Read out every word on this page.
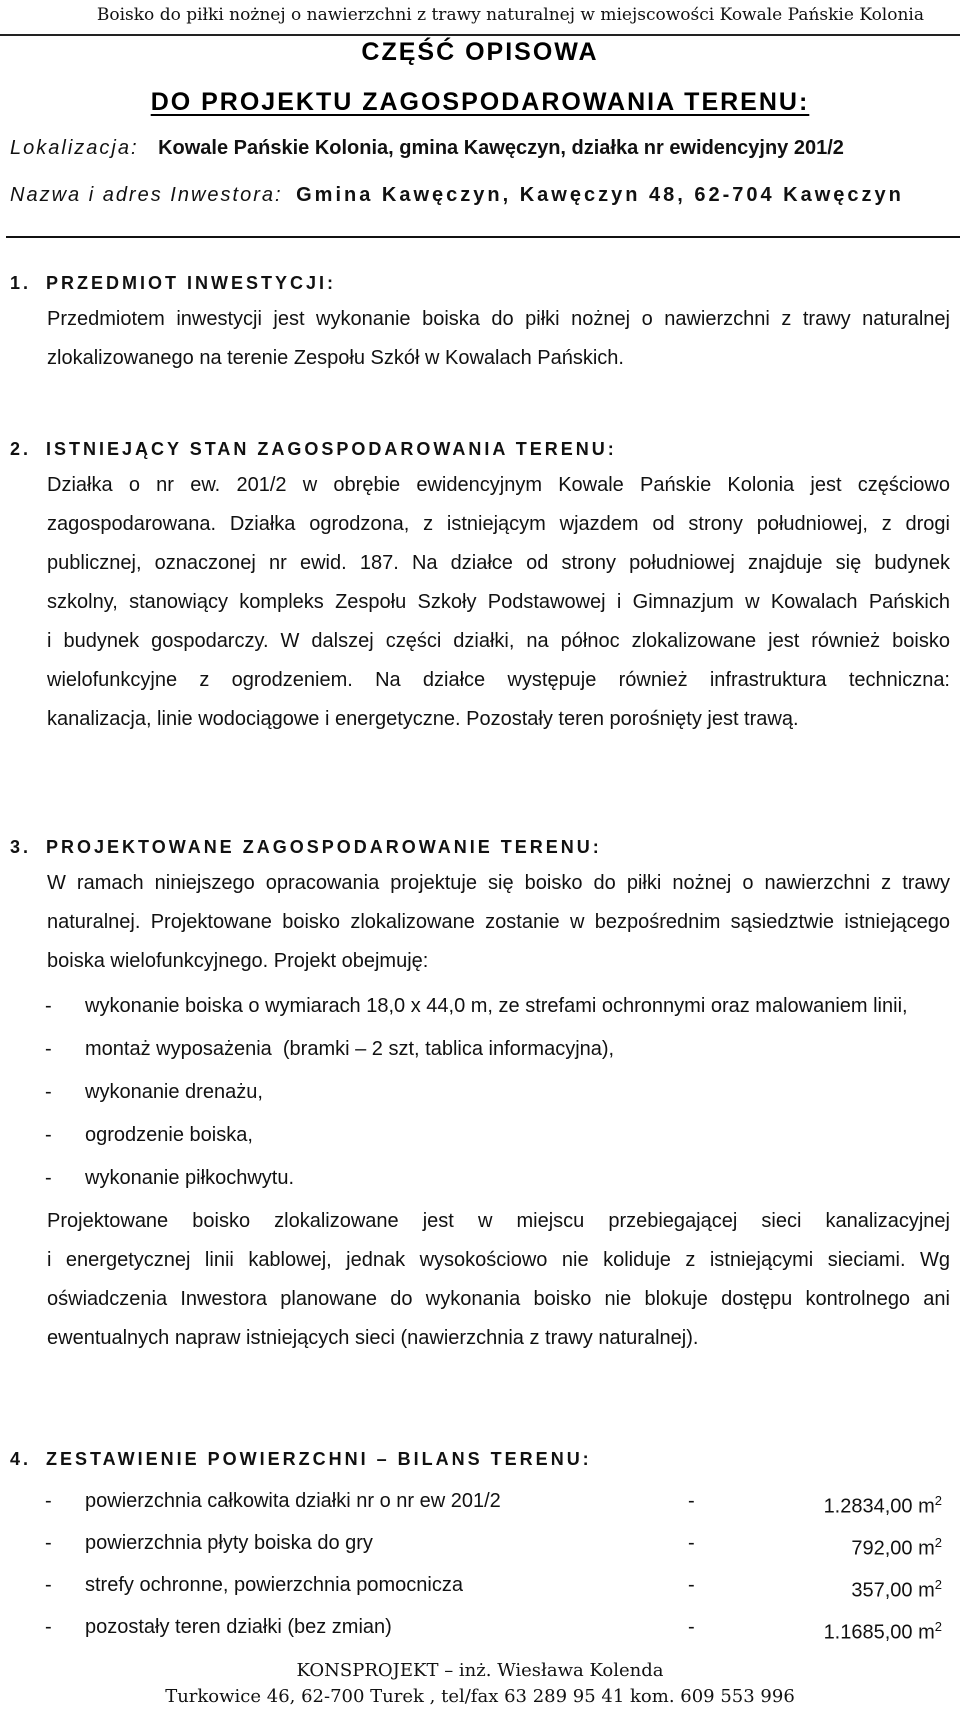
Boisko do piłki nożnej o nawierzchni z trawy naturalnej w miejscowości Kowale Pańskie Kolonia
CZĘŚĆ OPISOWA
DO PROJEKTU ZAGOSPODAROWANIA TERENU:
Lokalizacja: Kowale Pańskie Kolonia, gmina Kawęczyn, działka nr ewidencyjny 201/2
Nazwa i adres Inwestora: Gmina Kawęczyn, Kawęczyn 48, 62-704 Kawęczyn
1. PRZEDMIOT INWESTYCJI:
Przedmiotem inwestycji jest wykonanie boiska do piłki nożnej o nawierzchni z trawy naturalnej
zlokalizowanego na terenie Zespołu Szkół w Kowalach Pańskich.
2. ISTNIEJĄCY STAN ZAGOSPODAROWANIA TERENU:
Działka o nr ew. 201/2 w obrębie ewidencyjnym Kowale Pańskie Kolonia jest częściowo
zagospodarowana. Działka ogrodzona, z istniejącym wjazdem od strony południowej, z drogi
publicznej, oznaczonej nr ewid. 187. Na działce od strony południowej znajduje się budynek
szkolny, stanowiący kompleks Zespołu Szkoły Podstawowej i Gimnazjum w Kowalach Pańskich
i budynek gospodarczy. W dalszej części działki, na północ zlokalizowane jest również boisko
wielofunkcyjne z ogrodzeniem. Na działce występuje również infrastruktura techniczna:
kanalizacja, linie wodociągowe i energetyczne. Pozostały teren porośnięty jest trawą.
3. PROJEKTOWANE ZAGOSPODAROWANIE TERENU:
W ramach niniejszego opracowania projektuje się boisko do piłki nożnej o nawierzchni z trawy
naturalnej. Projektowane boisko zlokalizowane zostanie w bezpośrednim sąsiedztwie istniejącego
boiska wielofunkcyjnego. Projekt obejmuję:
- wykonanie boiska o wymiarach 18,0 x 44,0 m, ze strefami ochronnymi oraz malowaniem linii,
- montaż wyposażenia  (bramki – 2 szt, tablica informacyjna),
- wykonanie drenażu,
- ogrodzenie boiska,
- wykonanie piłkochwytu.
Projektowane boisko zlokalizowane jest w miejscu przebiegającej sieci kanalizacyjnej
i energetycznej linii kablowej, jednak wysokościowo nie koliduje z istniejącymi sieciami. Wg
oświadczenia Inwestora planowane do wykonania boisko nie blokuje dostępu kontrolnego ani
ewentualnych napraw istniejących sieci (nawierzchnia z trawy naturalnej).
4. ZESTAWIENIE POWIERZCHNI – BILANS TERENU:
- powierzchnia całkowita działki nr o nr ew 201/2	-	1.2834,00 $m^2$
- powierzchnia płyty boiska do gry	-	792,00 $m^2$
- strefy ochronne, powierzchnia pomocnicza	-	357,00 $m^2$
- pozostały teren działki (bez zmian)	-	1.1685,00 $m^2$
KONSPROJEKT – inż. Wiesława Kolenda
Turkowice 46, 62-700 Turek , tel/fax 63 289 95 41 kom. 609 553 996
